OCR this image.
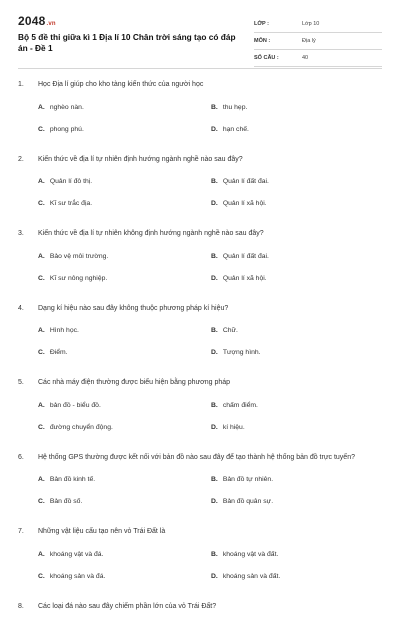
2048.vn
Bộ 5 đề thi giữa kì 1 Địa lí 10 Chân trời sáng tạo có đáp án - Đề 1
LỚP :	Lớp 10
MÔN :	Địa lý
SỐ CÂU :	40
1.	Học Địa lí giúp cho kho tàng kiến thức của người học
A. nghèo nàn.	B. thu hẹp.
C. phong phú.	D. hạn chế.
2.	Kiến thức về địa lí tự nhiên định hướng ngành nghề nào sau đây?
A. Quản lí đô thị.	B. Quản lí đất đai.
C. Kĩ sư trắc địa.	D. Quản lí xã hội.
3.	Kiến thức về địa lí tự nhiên không định hướng ngành nghề nào sau đây?
A. Bảo vệ môi trường.	B. Quản lí đất đai.
C. Kĩ sư nông nghiệp.	D. Quản lí xã hội.
4.	Dạng kí hiệu nào sau đây không thuộc phương pháp kí hiệu?
A. Hình học.	B. Chữ.
C. Điểm.	D. Tượng hình.
5.	Các nhà máy điện thường được biểu hiện bằng phương pháp
A. bản đồ - biểu đồ.	B. chấm điểm.
C. đường chuyển động.	D. kí hiệu.
6.	Hệ thống GPS thường được kết nối với bản đồ nào sau đây để tạo thành hệ thống bản đồ trực tuyến?
A. Bản đồ kinh tế.	B. Bản đồ tự nhiên.
C. Bản đồ số.	D. Bản đồ quân sự.
7.	Những vật liệu cấu tạo nên vỏ Trái Đất là
A. khoáng vật và đá.	B. khoáng vật và đất.
C. khoáng sản và đá.	D. khoáng sản và đất.
8.	Các loại đá nào sau đây chiếm phần lớn của vỏ Trái Đất?
